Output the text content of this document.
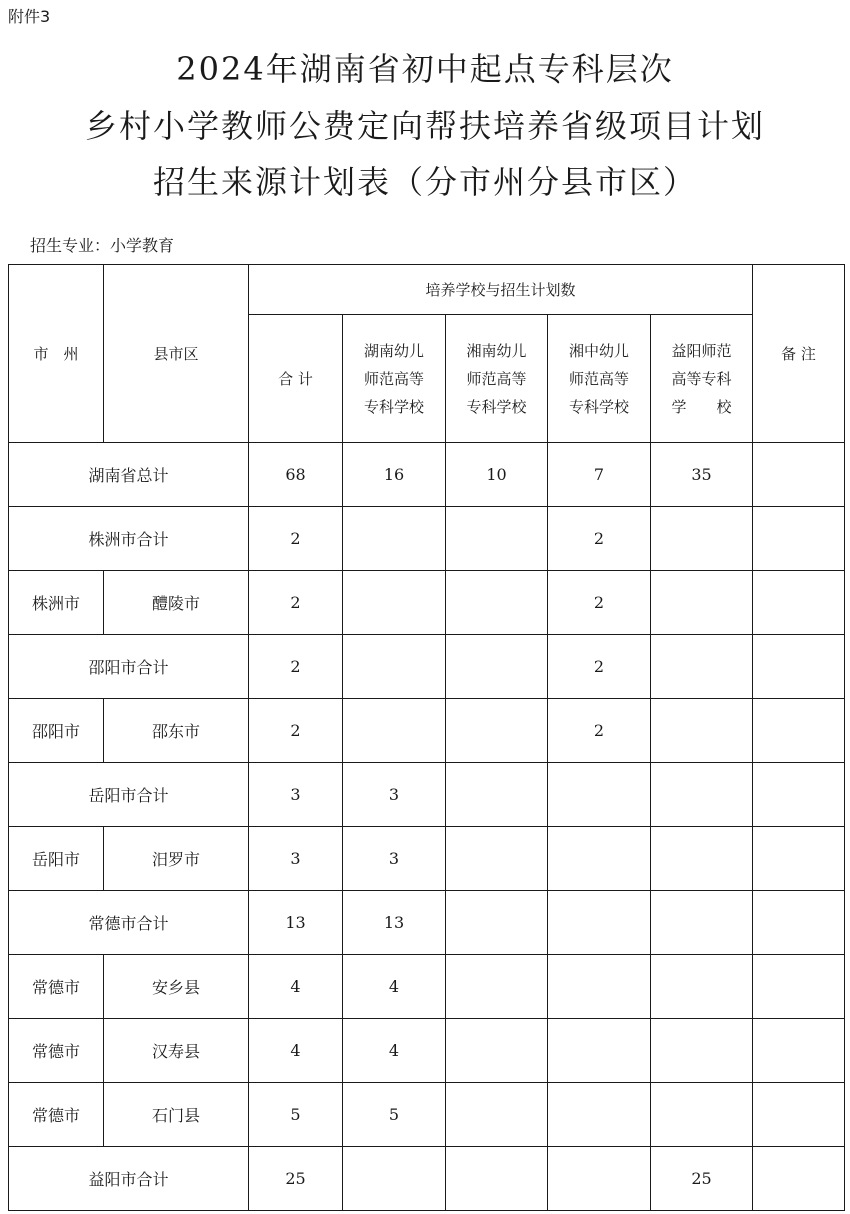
附件3
2024年湖南省初中起点专科层次
乡村小学教师公费定向帮扶培养省级项目计划
招生来源计划表（分市州分县市区）
招生专业：小学教育
市　州	县市区	培养学校与招生计划数					备 注
		合 计	湖南幼儿
师范高等
专科学校	湘南幼儿
师范高等
专科学校	湘中幼儿
师范高等
专科学校	益阳师范
高等专科
学　　校	
湖南省总计		68	16	10	7	35	
株洲市合计		2			2		
株洲市	醴陵市	2			2		
邵阳市合计		2			2		
邵阳市	邵东市	2			2		
岳阳市合计		3	3				
岳阳市	汨罗市	3	3				
常德市合计		13	13				
常德市	安乡县	4	4				
常德市	汉寿县	4	4				
常德市	石门县	5	5				
益阳市合计		25				25	
